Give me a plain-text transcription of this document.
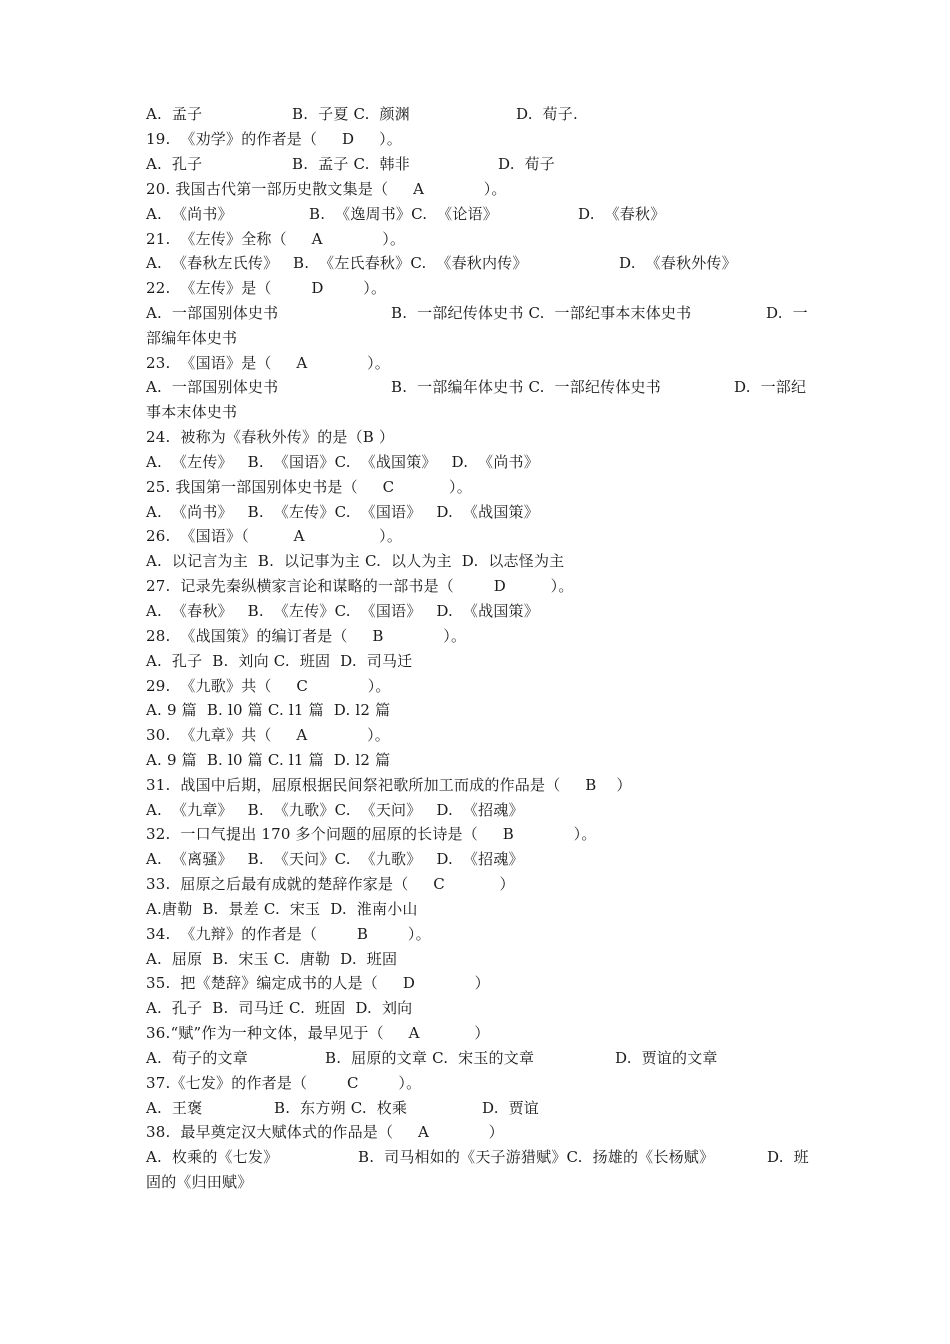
A.  孟子	B.  子夏 C.  颜渊	D.  荀子.
19.  《劝学》的作者是（     D     ）。
A.  孔子	B.  孟子 C.  韩非	D.  荀子
20. 我国古代第一部历史散文集是（     A            ）。
A.  《尚书》	B.  《逸周书》C.  《论语》	D.  《春秋》
21.  《左传》全称（     A            ）。
A.  《春秋左氏传》 B.  《左氏春秋》C.  《春秋内传》	D.  《春秋外传》
22.  《左传》是（        D        ）。
A.  一部国别体史书	B.  一部纪传体史书 C.  一部纪事本末体史书	D.  一
部编年体史书
23.  《国语》是（     A            ）。
A.  一部国别体史书	B.  一部编年体史书 C.  一部纪传体史书	D.  一部纪
事本末体史书
24.  被称为《春秋外传》的是（B ）
A.  《左传》   B.  《国语》C.  《战国策》   D.  《尚书》
25. 我国第一部国别体史书是（     C           ）。
A.  《尚书》   B.  《左传》C.  《国语》   D.  《战国策》
26.  《国语》（         A               ）。
A.  以记言为主  B.  以记事为主 C.  以人为主  D.  以志怪为主
27.  记录先秦纵横家言论和谋略的一部书是（        D         ）。
A.  《春秋》   B.  《左传》C.  《国语》   D.  《战国策》
28.  《战国策》的编订者是（     B            ）。
A.  孔子  B.  刘向 C.  班固  D.  司马迁
29.  《九歌》共（     C            ）。
A. 9 篇  B. l0 篇 C. l1 篇  D. l2 篇
30.  《九章》共（     A            ）。
A. 9 篇  B. l0 篇 C. l1 篇  D. l2 篇
31.  战国中后期，屈原根据民间祭祀歌所加工而成的作品是（     B    ）
A.  《九章》   B.  《九歌》C.  《天问》   D.  《招魂》
32.  一口气提出 170 多个问题的屈原的长诗是（     B            ）。
A.  《离骚》   B.  《天问》C.  《九歌》   D.  《招魂》
33.  屈原之后最有成就的楚辞作家是（     C           ）
A.唐勒  B.  景差 C.  宋玉  D.  淮南小山
34.  《九辩》的作者是（        B        ）。
A.  屈原  B.  宋玉 C.  唐勒  D.  班固
35.  把《楚辞》编定成书的人是（     D            ）
A.  孔子  B.  司马迁 C.  班固  D.  刘向
36.“赋”作为一种文体，最早见于（     A           ）
A.  荀子的文章	B.  屈原的文章 C.  宋玉的文章	D.  贾谊的文章
37.《七发》的作者是（        C        ）。
A.  王褒	B.  东方朔 C.  枚乘	D.  贾谊
38.  最早奠定汉大赋体式的作品是（     A            ）
A.  枚乘的《七发》	B.  司马相如的《天子游猎赋》C.  扬雄的《长杨赋》	D.  班
固的《归田赋》
